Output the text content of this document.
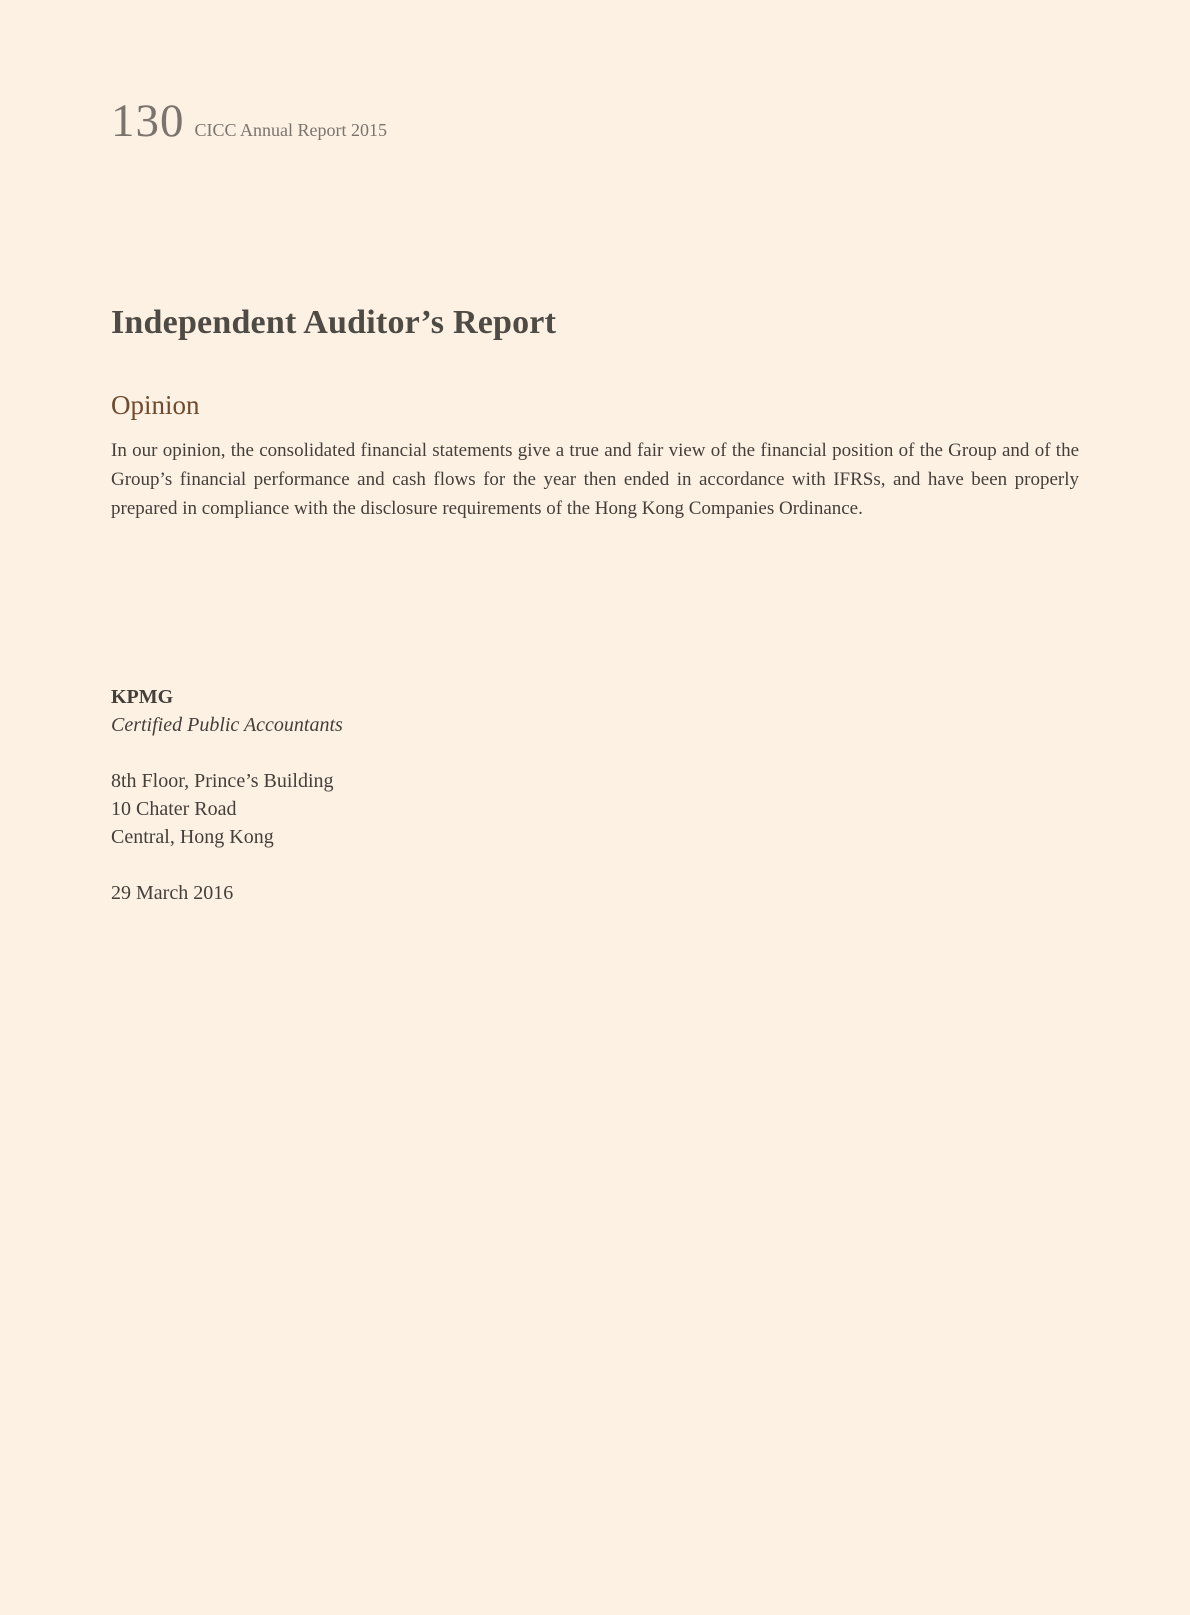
130 CICC Annual Report 2015
Independent Auditor’s Report
Opinion

In our opinion, the consolidated financial statements give a true and fair view of the financial position of the Group and of the Group’s financial performance and cash flows for the year then ended in accordance with IFRSs, and have been properly prepared in compliance with the disclosure requirements of the Hong Kong Companies Ordinance.

KPMG
Certified Public Accountants
8th Floor, Prince’s Building
10 Chater Road
Central, Hong Kong
29 March 2016
